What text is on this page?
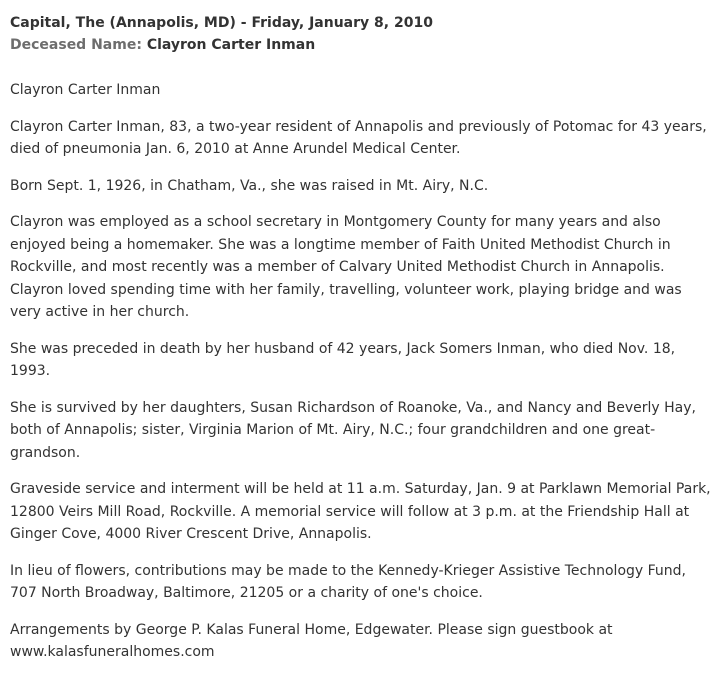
Capital, The (Annapolis, MD) - Friday, January 8, 2010
Deceased Name: Clayron Carter Inman

Clayron Carter Inman

Clayron Carter Inman, 83, a two-year resident of Annapolis and previously of Potomac for 43 years, died of pneumonia Jan. 6, 2010 at Anne Arundel Medical Center.

Born Sept. 1, 1926, in Chatham, Va., she was raised in Mt. Airy, N.C.

Clayron was employed as a school secretary in Montgomery County for many years and also enjoyed being a homemaker. She was a longtime member of Faith United Methodist Church in Rockville, and most recently was a member of Calvary United Methodist Church in Annapolis. Clayron loved spending time with her family, travelling, volunteer work, playing bridge and was very active in her church.

She was preceded in death by her husband of 42 years, Jack Somers Inman, who died Nov. 18, 1993.

She is survived by her daughters, Susan Richardson of Roanoke, Va., and Nancy and Beverly Hay, both of Annapolis; sister, Virginia Marion of Mt. Airy, N.C.; four grandchildren and one great-grandson.

Graveside service and interment will be held at 11 a.m. Saturday, Jan. 9 at Parklawn Memorial Park, 12800 Veirs Mill Road, Rockville. A memorial service will follow at 3 p.m. at the Friendship Hall at Ginger Cove, 4000 River Crescent Drive, Annapolis.

In lieu of flowers, contributions may be made to the Kennedy-Krieger Assistive Technology Fund, 707 North Broadway, Baltimore, 21205 or a charity of one's choice.

Arrangements by George P. Kalas Funeral Home, Edgewater. Please sign guestbook at www.kalasfuneralhomes.com
